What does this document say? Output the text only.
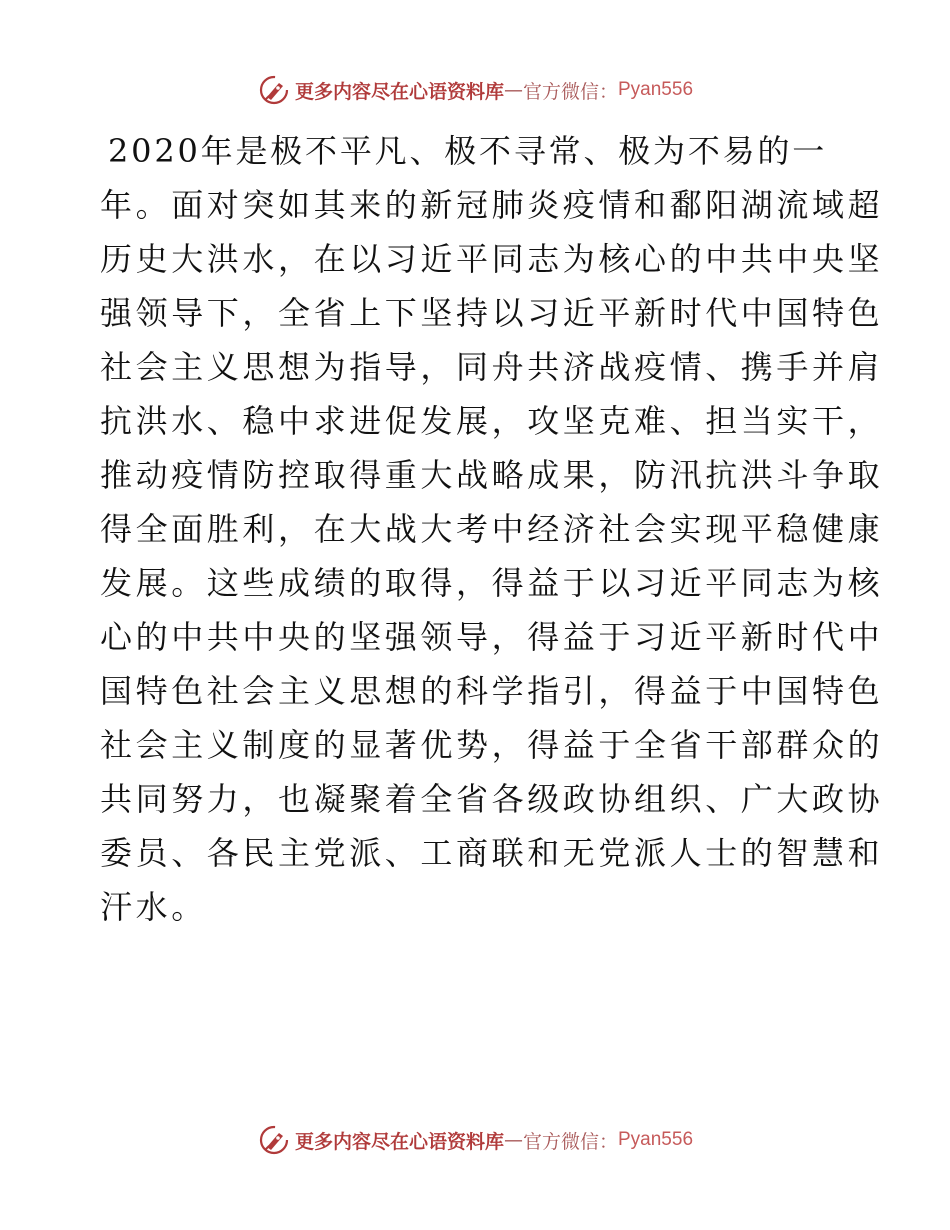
更多内容尽在心语资料库 — 官方微信： Pyan556
2020年是极不平凡、极不寻常、极为不易的一
年。面对突如其来的新冠肺炎疫情和鄱阳湖流域超
历史大洪水，在以习近平同志为核心的中共中央坚
强领导下，全省上下坚持以习近平新时代中国特色
社会主义思想为指导，同舟共济战疫情、携手并肩
抗洪水、稳中求进促发展，攻坚克难、担当实干，
推动疫情防控取得重大战略成果，防汛抗洪斗争取
得全面胜利，在大战大考中经济社会实现平稳健康
发展。这些成绩的取得，得益于以习近平同志为核
心的中共中央的坚强领导，得益于习近平新时代中
国特色社会主义思想的科学指引，得益于中国特色
社会主义制度的显著优势，得益于全省干部群众的
共同努力，也凝聚着全省各级政协组织、广大政协
委员、各民主党派、工商联和无党派人士的智慧和
汗水。
更多内容尽在心语资料库 — 官方微信： Pyan556
